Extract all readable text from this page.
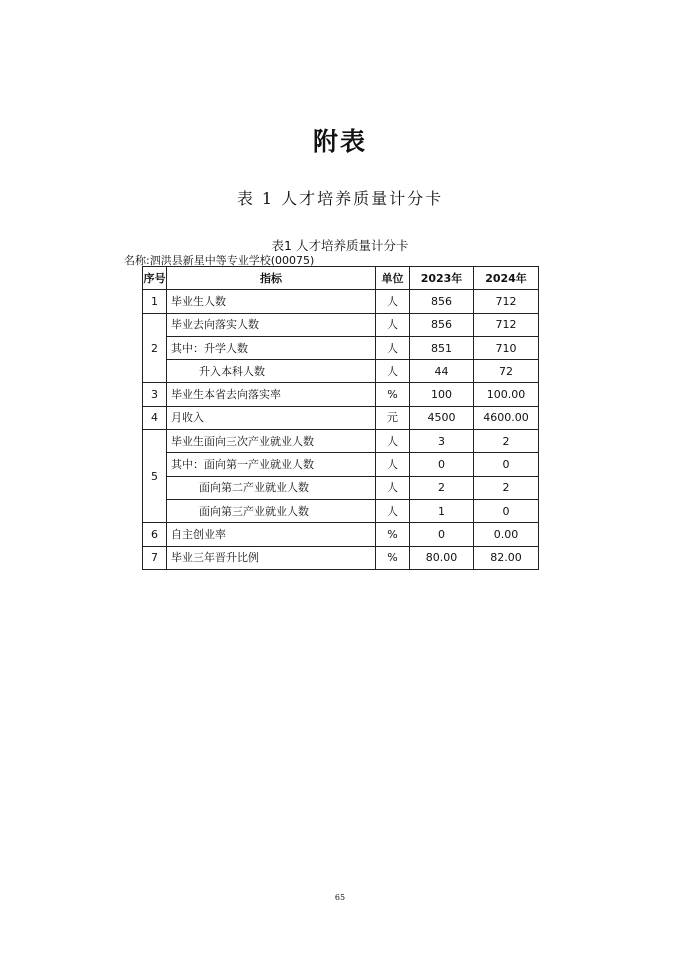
附表
表 1 人才培养质量计分卡
表1 人才培养质量计分卡
名称:泗洪县新星中等专业学校(00075)
序号	指标	单位	2023年	2024年
1	毕业生人数	人	856	712
2	毕业去向落实人数	人	856	712
	其中：升学人数	人	851	710
	升入本科人数	人	44	72
3	毕业生本省去向落实率	%	100	100.00
4	月收入	元	4500	4600.00
5	毕业生面向三次产业就业人数	人	3	2
	其中：面向第一产业就业人数	人	0	0
	面向第二产业就业人数	人	2	2
	面向第三产业就业人数	人	1	0
6	自主创业率	%	0	0.00
7	毕业三年晋升比例	%	80.00	82.00
65
